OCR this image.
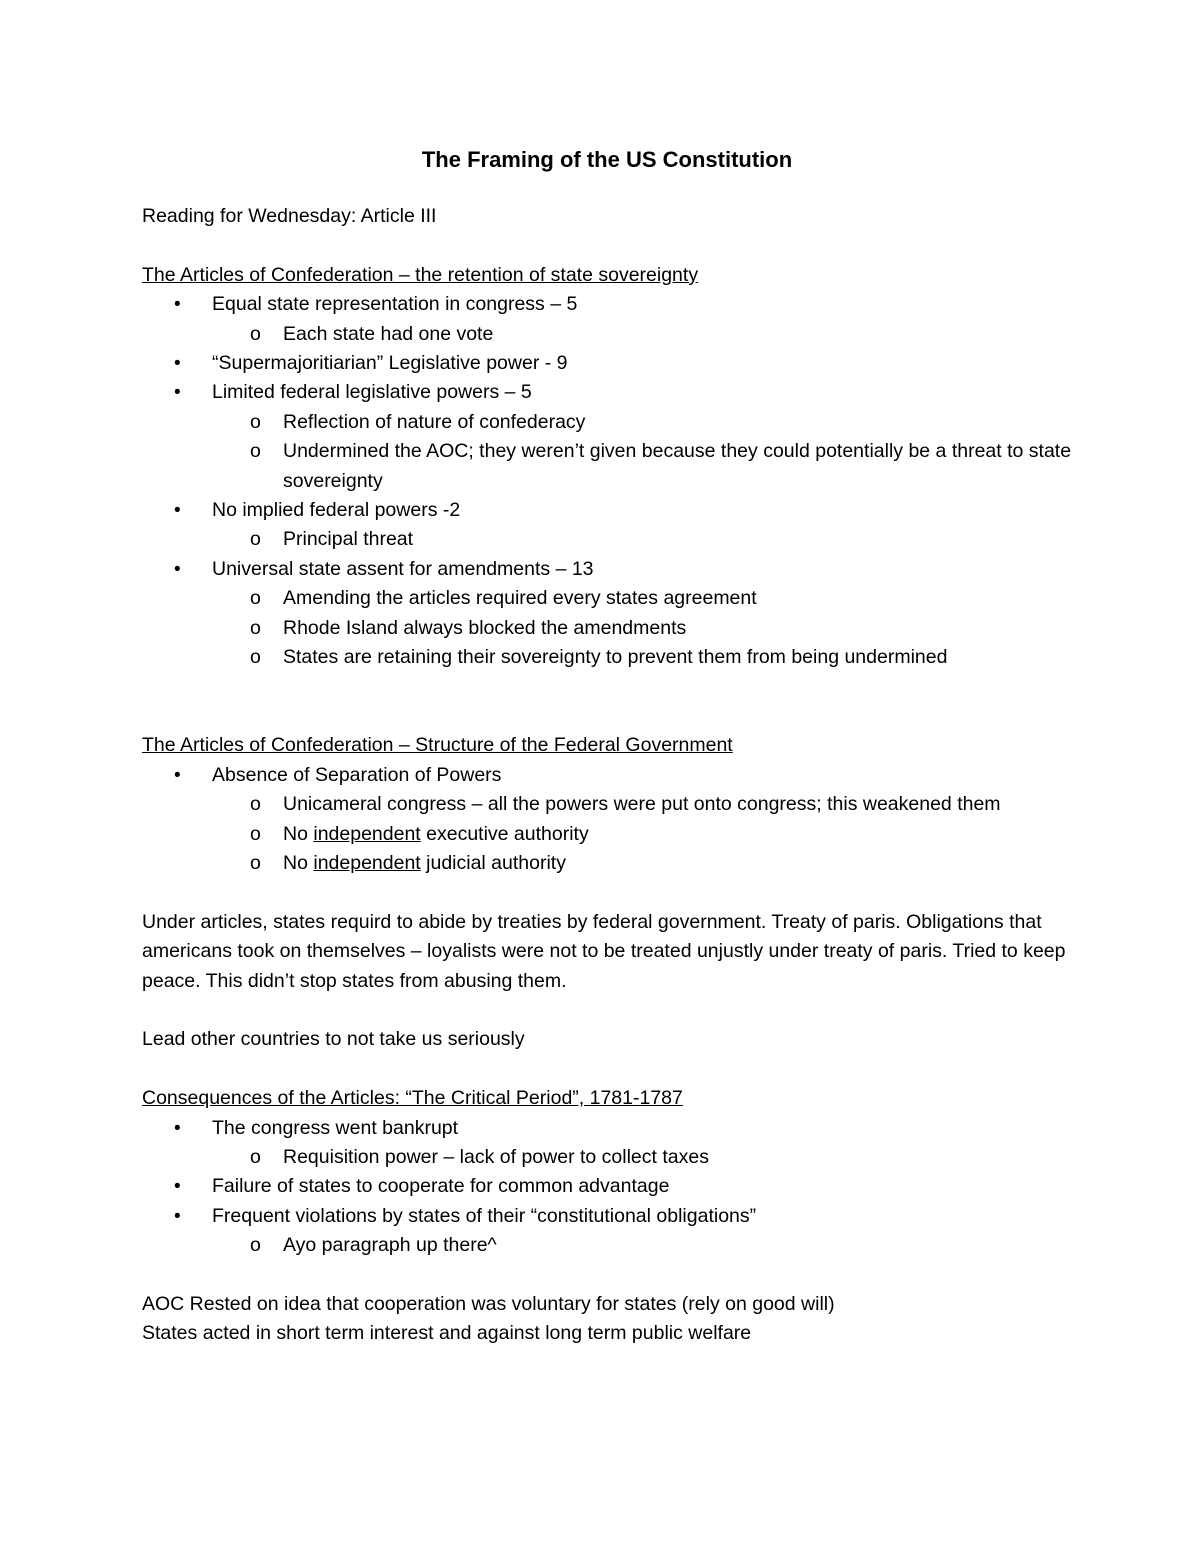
The Framing of the US Constitution

Reading for Wednesday: Article III

The Articles of Confederation – the retention of state sovereignty

• Equal state representation in congress – 5
o Each state had one vote
• “Supermajoritiarian” Legislative power - 9
• Limited federal legislative powers – 5
o Reflection of nature of confederacy
o Undermined the AOC; they weren’t given because they could potentially be a threat to state sovereignty
• No implied federal powers -2
o Principal threat
• Universal state assent for amendments – 13
o Amending the articles required every states agreement
o Rhode Island always blocked the amendments
o States are retaining their sovereignty to prevent them from being undermined

The Articles of Confederation – Structure of the Federal Government

• Absence of Separation of Powers
o Unicameral congress – all the powers were put onto congress; this weakened them
o No independent executive authority
o No independent judicial authority

Under articles, states requird to abide by treaties by federal government. Treaty of paris. Obligations that americans took on themselves – loyalists were not to be treated unjustly under treaty of paris. Tried to keep peace. This didn’t stop states from abusing them.

Lead other countries to not take us seriously

Consequences of the Articles: “The Critical Period”, 1781-1787

• The congress went bankrupt
o Requisition power – lack of power to collect taxes
• Failure of states to cooperate for common advantage
• Frequent violations by states of their “constitutional obligations”
o Ayo paragraph up there^

AOC Rested on idea that cooperation was voluntary for states (rely on good will)

States acted in short term interest and against long term public welfare
